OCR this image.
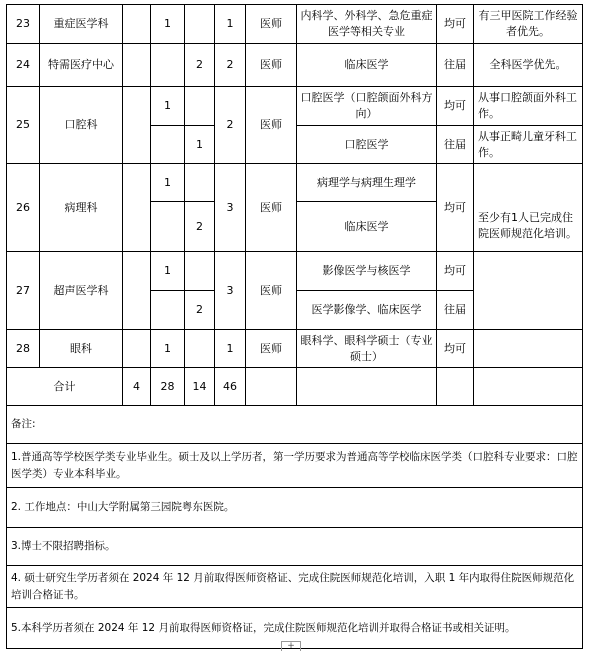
23	重症医学科		1		1	医师	内科学、外科学、急危重症医学等相关专业	均可	有三甲医院工作经验者优先。
24	特需医疗中心			2	2	医师	临床医学	往届	全科医学优先。
25	口腔科		1		2	医师	口腔医学（口腔颌面外科方向）	均可	从事口腔颌面外科工作。
				1			口腔医学	往届	从事正畸儿童牙科工作。
26	病理科		1		3	医师	病理学与病理生理学	均可	
				2			临床医学		至少有1人已完成住院医师规范化培训。
27	超声医学科		1		3	医师	影像医学与核医学	均可	
				2			医学影像学、临床医学	往届	
28	眼科		1		1	医师	眼科学、眼科学硕士（专业硕士）	均可	
合计		4	28	14	46				
备注:									
1.普通高等学校医学类专业毕业生。硕士及以上学历者，第一学历要求为普通高等学校临床医学类（口腔科专业要求：口腔医学类）专业本科毕业。									
2. 工作地点：中山大学附属第三园院粤东医院。									
3.博士不限招聘指标。									
4. 硕士研究生学历者须在 2024 年 12 月前取得医师资格证、完成住院医师规范化培训，入职 1 年内取得住院医师规范化培训合格证书。									
5.本科学历者须在 2024 年 12 月前取得医师资格证，完成住院医师规范化培训并取得合格证书或相关证明。									
+
